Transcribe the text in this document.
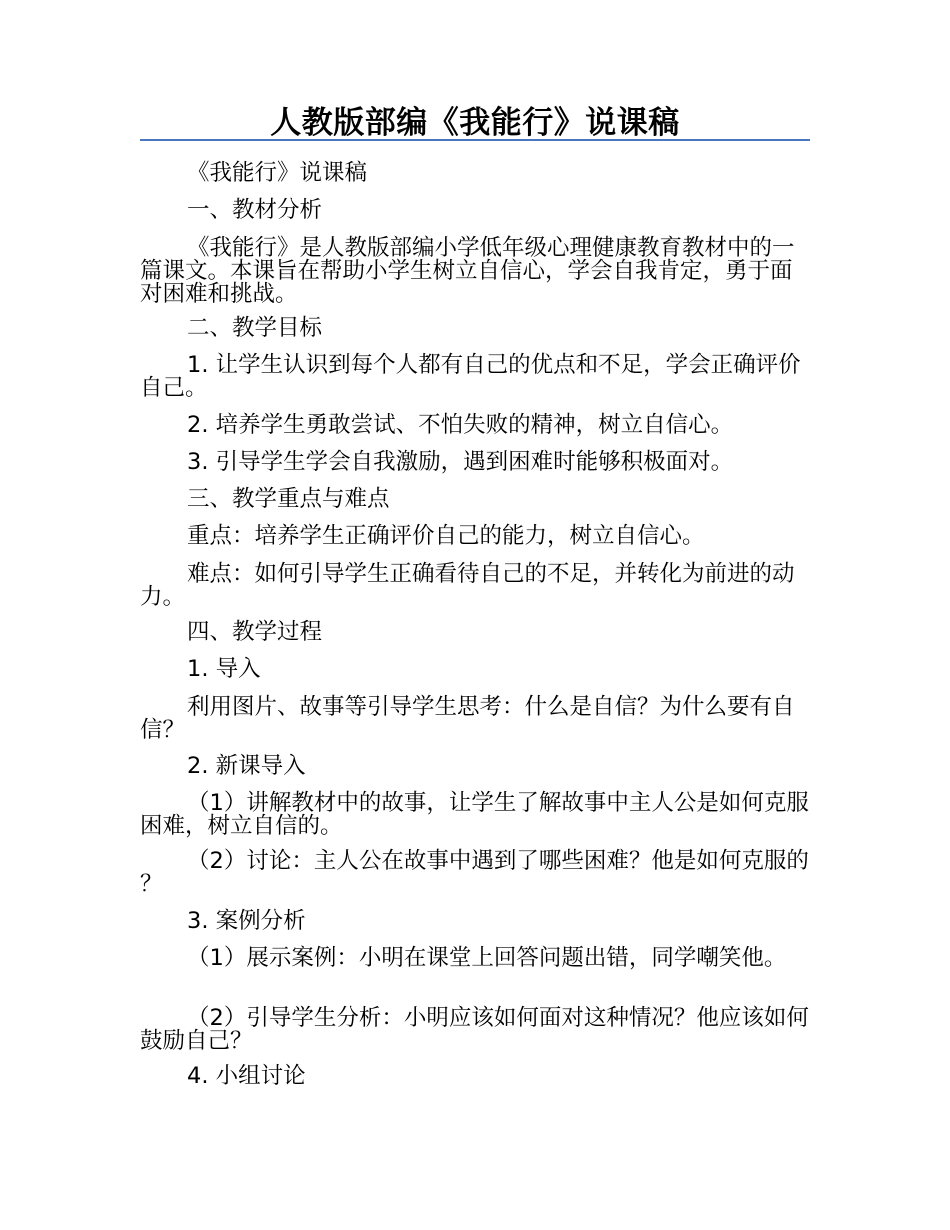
人教版部编《我能行》说课稿

《我能行》说课稿

一、教材分析

《我能行》是人教版部编小学低年级心理健康教育教材中的一篇课文。本课旨在帮助小学生树立自信心，学会自我肯定，勇于面对困难和挑战。

二、教学目标

1. 让学生认识到每个人都有自己的优点和不足，学会正确评价自己。

2. 培养学生勇敢尝试、不怕失败的精神，树立自信心。

3. 引导学生学会自我激励，遇到困难时能够积极面对。

三、教学重点与难点

重点：培养学生正确评价自己的能力，树立自信心。

难点：如何引导学生正确看待自己的不足，并转化为前进的动力。

四、教学过程

1. 导入

利用图片、故事等引导学生思考：什么是自信？为什么要有自信？

2. 新课导入

（1）讲解教材中的故事，让学生了解故事中主人公是如何克服困难，树立自信的。

（2）讨论：主人公在故事中遇到了哪些困难？他是如何克服的？

3. 案例分析

（1）展示案例：小明在课堂上回答问题出错，同学嘲笑他。

（2）引导学生分析：小明应该如何面对这种情况？他应该如何鼓励自己？

4. 小组讨论
